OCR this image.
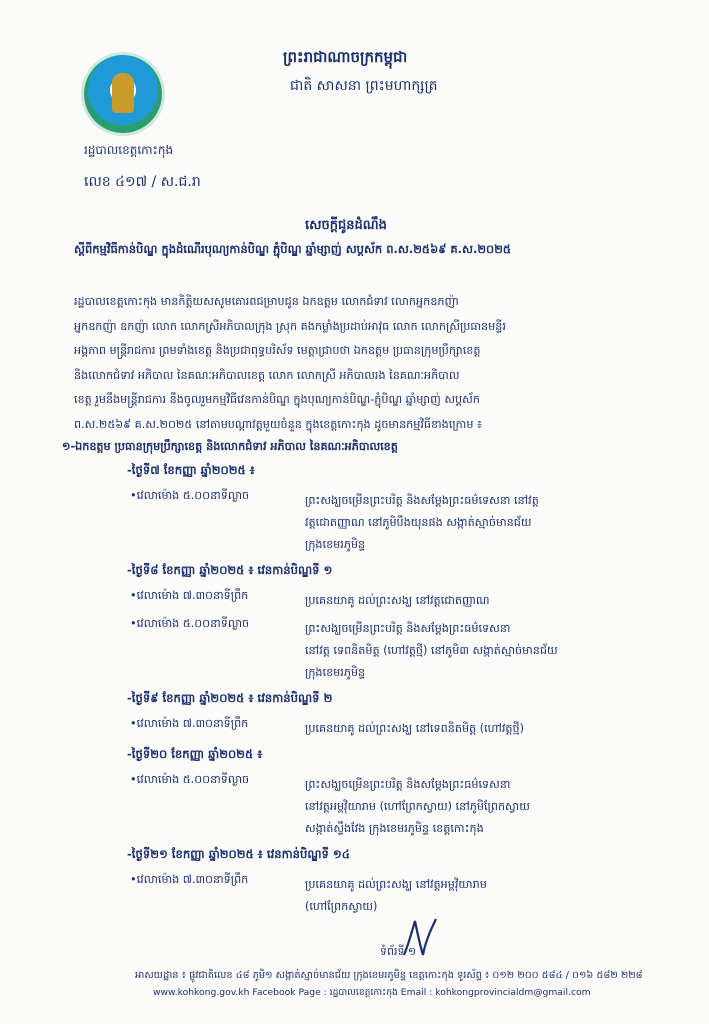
ព្រះរាជាណាចក្រកម្ពុជា
ជាតិ សាសនា ព្រះមហាក្សត្រ
រដ្ឋបាលខេត្តកោះកុង
លេខ ៤១៧ / ស.ជ.រា
សេចក្តីជូនដំណឹង
ស្តីពីកម្មវិធីកាន់បិណ្ឌ ក្នុងដំណើរបុណ្យកាន់បិណ្ឌ ភ្ជុំបិណ្ឌ ឆ្នាំម្សាញ់ សប្តស័ក ព.ស.២៥៦៩ គ.ស.២០២៥
រដ្ឋបាលខេត្តកោះកុង មានកិត្តិយសសូមគោរពជម្រាបជូន ឯកឧត្តម លោកជំទាវ លោកអ្នកឧកញ៉ា
អ្នកឧកញ៉ា ឧកញ៉ា លោក លោកស្រីអភិបាលក្រុង ស្រុក គងកម្លាំងប្រដាប់អាវុធ លោក លោកស្រីប្រធានមន្ទីរ
អង្គភាព មន្ត្រីរាជការ ព្រមទាំងខេត្ត និងប្រជាពុទ្ធបរិស័ទ មេត្តាជ្រាបថា ឯកឧត្តម ប្រធានក្រុមប្រឹក្សាខេត្ត
និងលោកជំទាវ អភិបាល នៃគណៈអភិបាលខេត្ត លោក លោកស្រី អភិបាលរង នៃគណៈអភិបាល
ខេត្ត រួមនឹងមន្ត្រីរាជការ នឹងចូលរួមកម្មវិធីវេនកាន់បិណ្ឌ ក្នុងបុណ្យកាន់បិណ្ឌ-ភ្ជុំបិណ្ឌ ឆ្នាំម្សាញ់ សប្តស័ក
ព.ស.២៥៦៩ គ.ស.២០២៥ នៅតាមបណ្តាវត្តមួយចំនួន ក្នុងខេត្តកោះកុង ដូចមានកម្មវិធីខាងក្រោម ៖
១-ឯកឧត្តម ប្រធានក្រុមប្រឹក្សាខេត្ត និងលោកជំទាវ អភិបាល នៃគណៈអភិបាលខេត្ត
-ថ្ងៃទី៧ ខែកញ្ញា ឆ្នាំ២០២៥ ៖
•វេលាម៉ោង ៥.០០នាទីល្ងាច	ព្រះសង្ឃចម្រើនព្រះបរិត្ត និងសម្តែងព្រះធម៌ទេសនា នៅវត្ត
វត្តជោតញ្ញាណ នៅភូមិបឹងយុនផង សង្កាត់ស្មាច់មានជ័យ
ក្រុងខេមរភូមិន្ទ
-ថ្ងៃទី៨ ខែកញ្ញា ឆ្នាំ២០២៥ ៖ វេនកាន់បិណ្ឌទី ១
•វេលាម៉ោង ៧.៣០នាទីព្រឹក	ប្រគេនយាគូ ដល់ព្រះសង្ឃ នៅវត្តជោតញ្ញាណ
•វេលាម៉ោង ៥.០០នាទីល្ងាច	ព្រះសង្ឃចម្រើនព្រះបរិត្ត និងសម្តែងព្រះធម៌ទេសនា
នៅវត្ត ទេពនិតមិត្ត (ហៅវត្តថ្មី) នៅភូមិ៣ សង្កាត់ស្មាច់មានជ័យ
ក្រុងខេមរភូមិន្ទ
-ថ្ងៃទី៩ ខែកញ្ញា ឆ្នាំ២០២៥ ៖ វេនកាន់បិណ្ឌទី ២
•វេលាម៉ោង ៧.៣០នាទីព្រឹក	ប្រគេនយាគូ ដល់ព្រះសង្ឃ នៅទេពនិតមិត្ត (ហៅវត្តថ្មី)
-ថ្ងៃទី២០ ខែកញ្ញា ឆ្នាំ២០២៥ ៖
•វេលាម៉ោង ៥.០០នាទីល្ងាច	ព្រះសង្ឃចម្រើនព្រះបរិត្ត និងសម្តែងព្រះធម៌ទេសនា
នៅវត្តអម្ពវ៉ិយារាម (ហៅព្រែកស្វាយ) នៅភូមិព្រែកស្វាយ
សង្កាត់ស្ទឹងវែង ក្រុងខេមរភូមិន្ទ ខេត្តកោះកុង
-ថ្ងៃទី២១ ខែកញ្ញា ឆ្នាំ២០២៥ ៖ វេនកាន់បិណ្ឌទី ១៤
•វេលាម៉ោង ៧.៣០នាទីព្រឹក	ប្រគេនយាគូ ដល់ព្រះសង្ឃ នៅវត្តអម្ពវ៉ិយារាម
(ហៅព្រែកស្វាយ)
ទំព័រទី ១
អាសយដ្ឋាន ៖ ផ្លូវជាតិលេខ ៤៨ ភូមិ១ សង្កាត់ស្មាច់មានជ័យ ក្រុងខេមរភូមិន្ទ ខេត្តកោះកុង ទូរស័ព្ទ ៖ ០១២ ២០០ ៥៨៤ / ០១៦ ៥៨២ ២២៨
www.kohkong.gov.kh Facebook Page : រដ្ឋបាលខេត្តកោះកុង Email : kohkongprovincialdm@gmail.com
